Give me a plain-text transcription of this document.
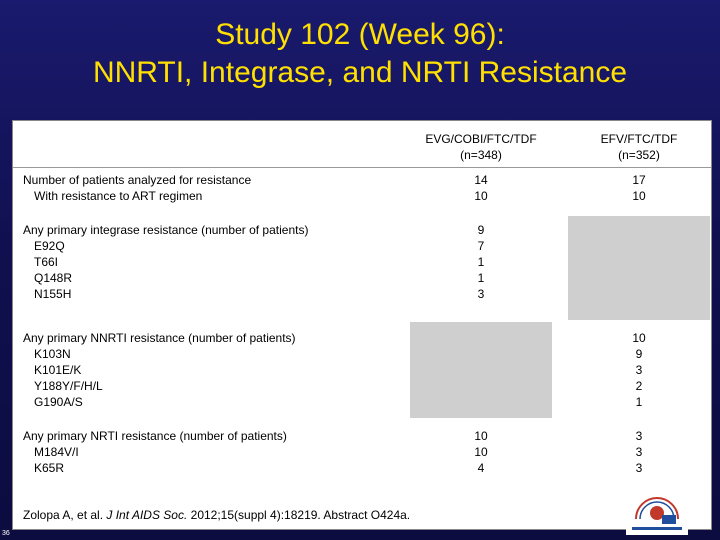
Study 102 (Week 96):
NNRTI, Integrase, and NRTI Resistance
EVG/COBI/FTC/TDF
(n=348)
EFV/FTC/TDF
(n=352)
Number of patients analyzed for resistance
With resistance to ART regimen
14
10
17
10
Any primary integrase resistance (number of patients)
E92Q
T66I
Q148R
N155H
9
7
1
1
3
Any primary NNRTI resistance (number of patients)
K103N
K101E/K
Y188Y/F/H/L
G190A/S
10
9
3
2
1
Any primary NRTI resistance (number of patients)
M184V/I
K65R
10
10
4
3
3
3
Zolopa A, et al. J Int AIDS Soc. 2012;15(suppl 4):18219. Abstract O424a.
36
